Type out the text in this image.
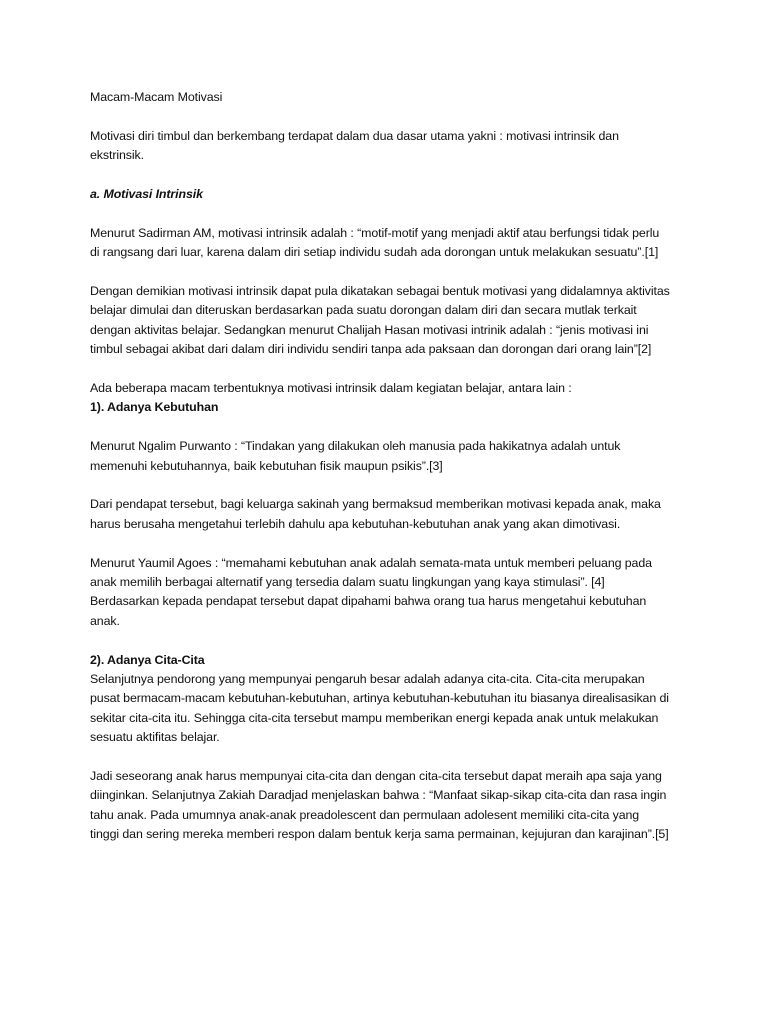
Macam-Macam Motivasi

Motivasi diri timbul dan berkembang terdapat dalam dua dasar utama yakni : motivasi intrinsik dan ekstrinsik.

a. Motivasi Intrinsik

Menurut Sadirman AM, motivasi intrinsik adalah : “motif-motif yang menjadi aktif atau berfungsi tidak perlu di rangsang dari luar, karena dalam diri setiap individu sudah ada dorongan untuk melakukan sesuatu”.[1]

Dengan demikian motivasi intrinsik dapat pula dikatakan sebagai bentuk motivasi yang didalamnya aktivitas belajar dimulai dan diteruskan berdasarkan pada suatu dorongan dalam diri dan secara mutlak terkait dengan aktivitas belajar. Sedangkan menurut Chalijah Hasan motivasi intrinik adalah : “jenis motivasi ini timbul sebagai akibat dari dalam diri individu sendiri tanpa ada paksaan dan dorongan dari orang lain”[2]

Ada beberapa macam terbentuknya motivasi intrinsik dalam kegiatan belajar, antara lain :

1). Adanya Kebutuhan

Menurut Ngalim Purwanto : “Tindakan yang dilakukan oleh manusia pada hakikatnya adalah untuk memenuhi kebutuhannya, baik kebutuhan fisik maupun psikis”.[3]

Dari pendapat tersebut, bagi keluarga sakinah yang bermaksud memberikan motivasi kepada anak, maka harus berusaha mengetahui terlebih dahulu apa kebutuhan-kebutuhan anak yang akan dimotivasi.

Menurut Yaumil Agoes : “memahami kebutuhan anak adalah semata-mata untuk memberi peluang pada anak memilih berbagai alternatif yang tersedia dalam suatu lingkungan yang kaya stimulasi”. [4]

Berdasarkan kepada pendapat tersebut dapat dipahami bahwa orang tua harus mengetahui kebutuhan anak.

2). Adanya Cita-Cita

Selanjutnya pendorong yang mempunyai pengaruh besar adalah adanya cita-cita. Cita-cita merupakan pusat bermacam-macam kebutuhan-kebutuhan, artinya kebutuhan-kebutuhan itu biasanya direalisasikan di sekitar cita-cita itu. Sehingga cita-cita tersebut mampu memberikan energi kepada anak untuk melakukan sesuatu aktifitas belajar.

Jadi seseorang anak harus mempunyai cita-cita dan dengan cita-cita tersebut dapat meraih apa saja yang diinginkan. Selanjutnya Zakiah Daradjad menjelaskan bahwa : “Manfaat sikap-sikap cita-cita dan rasa ingin tahu anak. Pada umumnya anak-anak preadolescent dan permulaan adolesent memiliki cita-cita yang tinggi dan sering mereka memberi respon dalam bentuk kerja sama permainan, kejujuran dan karajinan”.[5]
